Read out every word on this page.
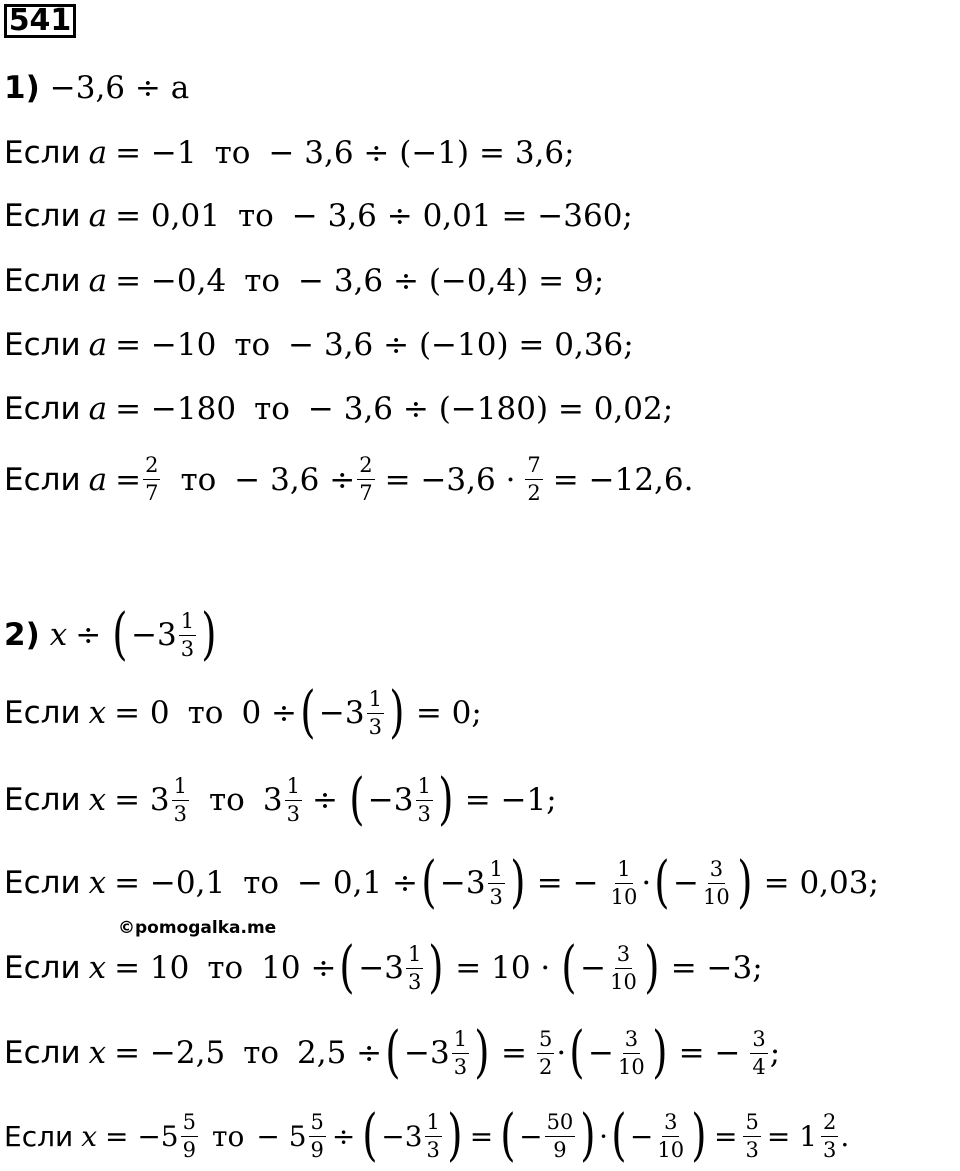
541
1) −3,6 ÷ a
Если a = −1 то − 3,6 ÷ (−1) = 3,6;
Если a = 0,01 то − 3,6 ÷ 0,01 = −360;
Если a = −0,4 то − 3,6 ÷ (−0,4) = 9;
Если a = −10 то − 3,6 ÷ (−10) = 0,36;
Если a = −180 то − 3,6 ÷ (−180) = 0,02;
Если $a = \frac{2}{7}$ то − $3,6 \div \frac{2}{7} = -3,6 \cdot \frac{7}{2} = -12,6$.
2) x ÷ ( $-3 \frac{1}{3}$ )
Если x = 0 то 0 ÷ ( $-3 \frac{1}{3}$ ) = 0;
Если $x = 3 \frac{1}{3}$ то $3 \frac{1}{3}$ ÷ ( $-3 \frac{1}{3}$ ) = −1;
Если x = −0,1 то − 0,1 ÷ ( $-3 \frac{1}{3}$ ) = − $\frac{1}{10}$ · ( − $\frac{3}{10}$ ) = 0,03;
©pomogalka.me
Если x = 10 то 10 ÷ ( $-3 \frac{1}{3}$ ) = 10 · ( − $\frac{3}{10}$ ) = −3;
Если x = −2,5 то 2,5 ÷ ( $-3 \frac{1}{3}$ ) = $\frac{5}{2}$ · ( − $\frac{3}{10}$ ) = − $\frac{3}{4}$ ;
Если $x = -5 \frac{5}{9}$ то − $5 \frac{5}{9}$ ÷ ( $-3 \frac{1}{3}$ ) = ( − $\frac{50}{9}$ ) · ( − $\frac{3}{10}$ ) = $\frac{5}{3} = 1 \frac{2}{3}$ .
